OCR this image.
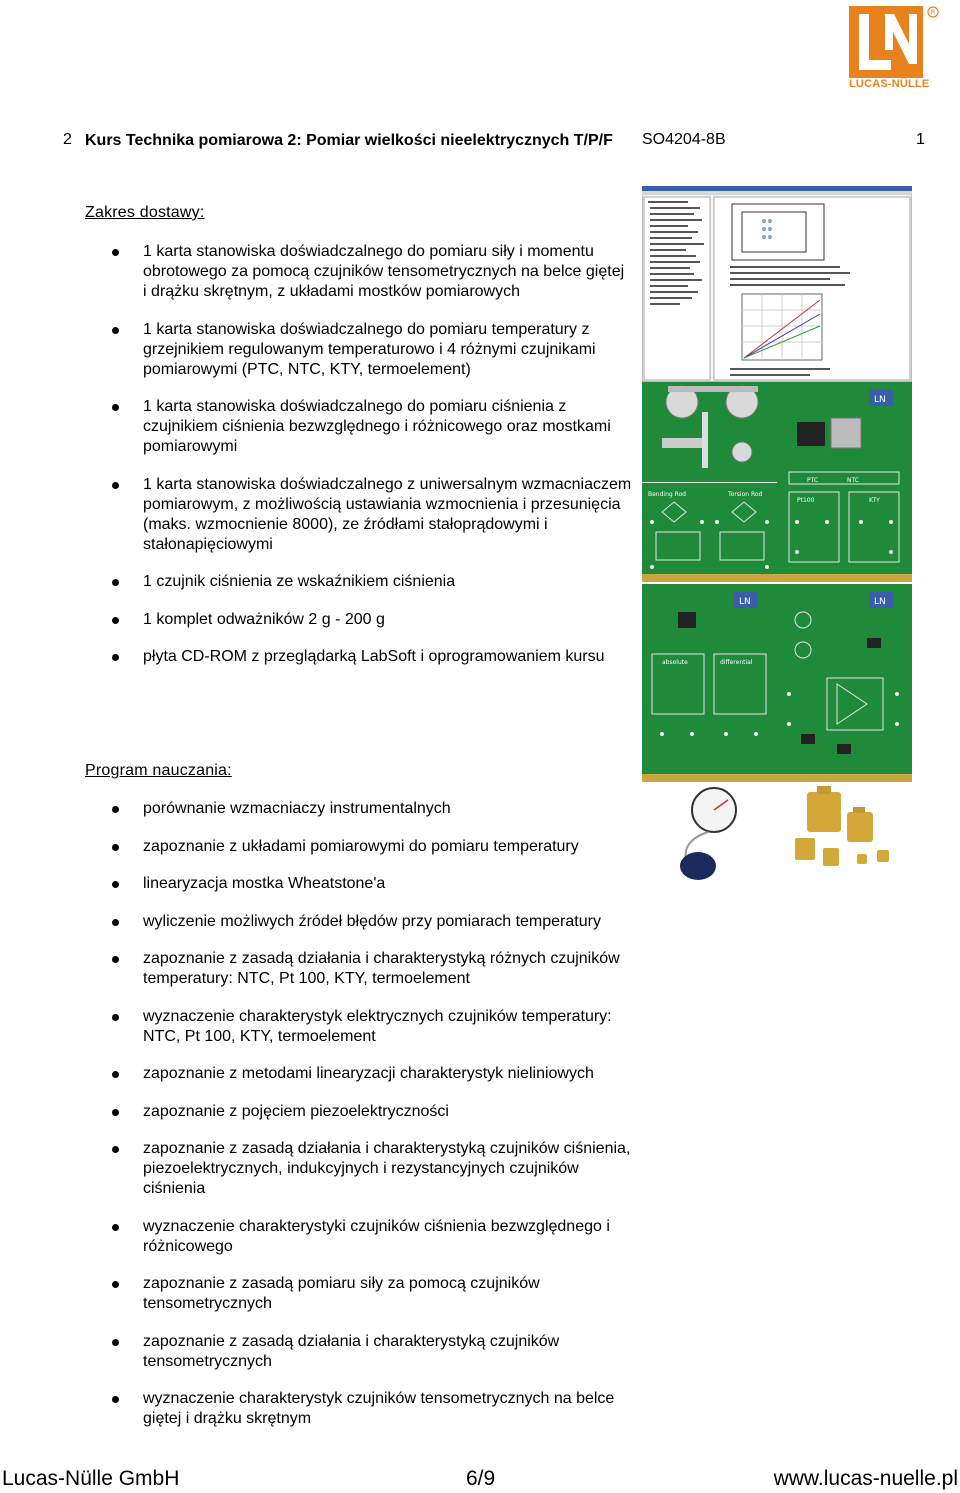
R
LUCAS-NÜLLE
2 Kurs Technika pomiarowa 2: Pomiar wielkości nieelektrycznych T/P/F	SO4204-8B	1
Zakres dostawy:
1 karta stanowiska doświadczalnego do pomiaru siły i momentu obrotowego za pomocą czujników tensometrycznych na belce giętej i drążku skrętnym, z układami mostków pomiarowych
1 karta stanowiska doświadczalnego do pomiaru temperatury z grzejnikiem regulowanym temperaturowo i 4 różnymi czujnikami pomiarowymi (PTC, NTC, KTY, termoelement)
1 karta stanowiska doświadczalnego do pomiaru ciśnienia z czujnikiem ciśnienia bezwzględnego i różnicowego oraz mostkami pomiarowymi
1 karta stanowiska doświadczalnego z uniwersalnym wzmacniaczem pomiarowym, z możliwością ustawiania wzmocnienia i przesunięcia (maks. wzmocnienie 8000), ze źródłami stałoprądowymi i stałonapięciowymi
1 czujnik ciśnienia ze wskaźnikiem ciśnienia
1 komplet odważników 2 g - 200 g
płyta CD-ROM z przeglądarką LabSoft i oprogramowaniem kursu
Program nauczania:
porównanie wzmacniaczy instrumentalnych
zapoznanie z układami pomiarowymi do pomiaru temperatury
linearyzacja mostka Wheatstone'a
wyliczenie możliwych źródeł błędów przy pomiarach temperatury
zapoznanie z zasadą działania i charakterystyką różnych czujników temperatury: NTC, Pt 100, KTY, termoelement
wyznaczenie charakterystyk elektrycznych czujników temperatury: NTC, Pt 100, KTY, termoelement
zapoznanie z metodami linearyzacji charakterystyk nieliniowych
zapoznanie z pojęciem piezoelektryczności
zapoznanie z zasadą działania i charakterystyką czujników ciśnienia, piezoelektrycznych, indukcyjnych i rezystancyjnych czujników ciśnienia
wyznaczenie charakterystyki czujników ciśnienia bezwzględnego i różnicowego
zapoznanie z zasadą pomiaru siły za pomocą czujników tensometrycznych
zapoznanie z zasadą działania i charakterystyką czujników tensometrycznych
wyznaczenie charakterystyk czujników tensometrycznych na belce giętej i drążku skrętnym
Bending Rod	Torsion Rod
LN
PTC	NTC
Pt100	KTY
LN
absolute	differential
LN
Lucas-Nülle GmbH	6/9	www.lucas-nuelle.pl
